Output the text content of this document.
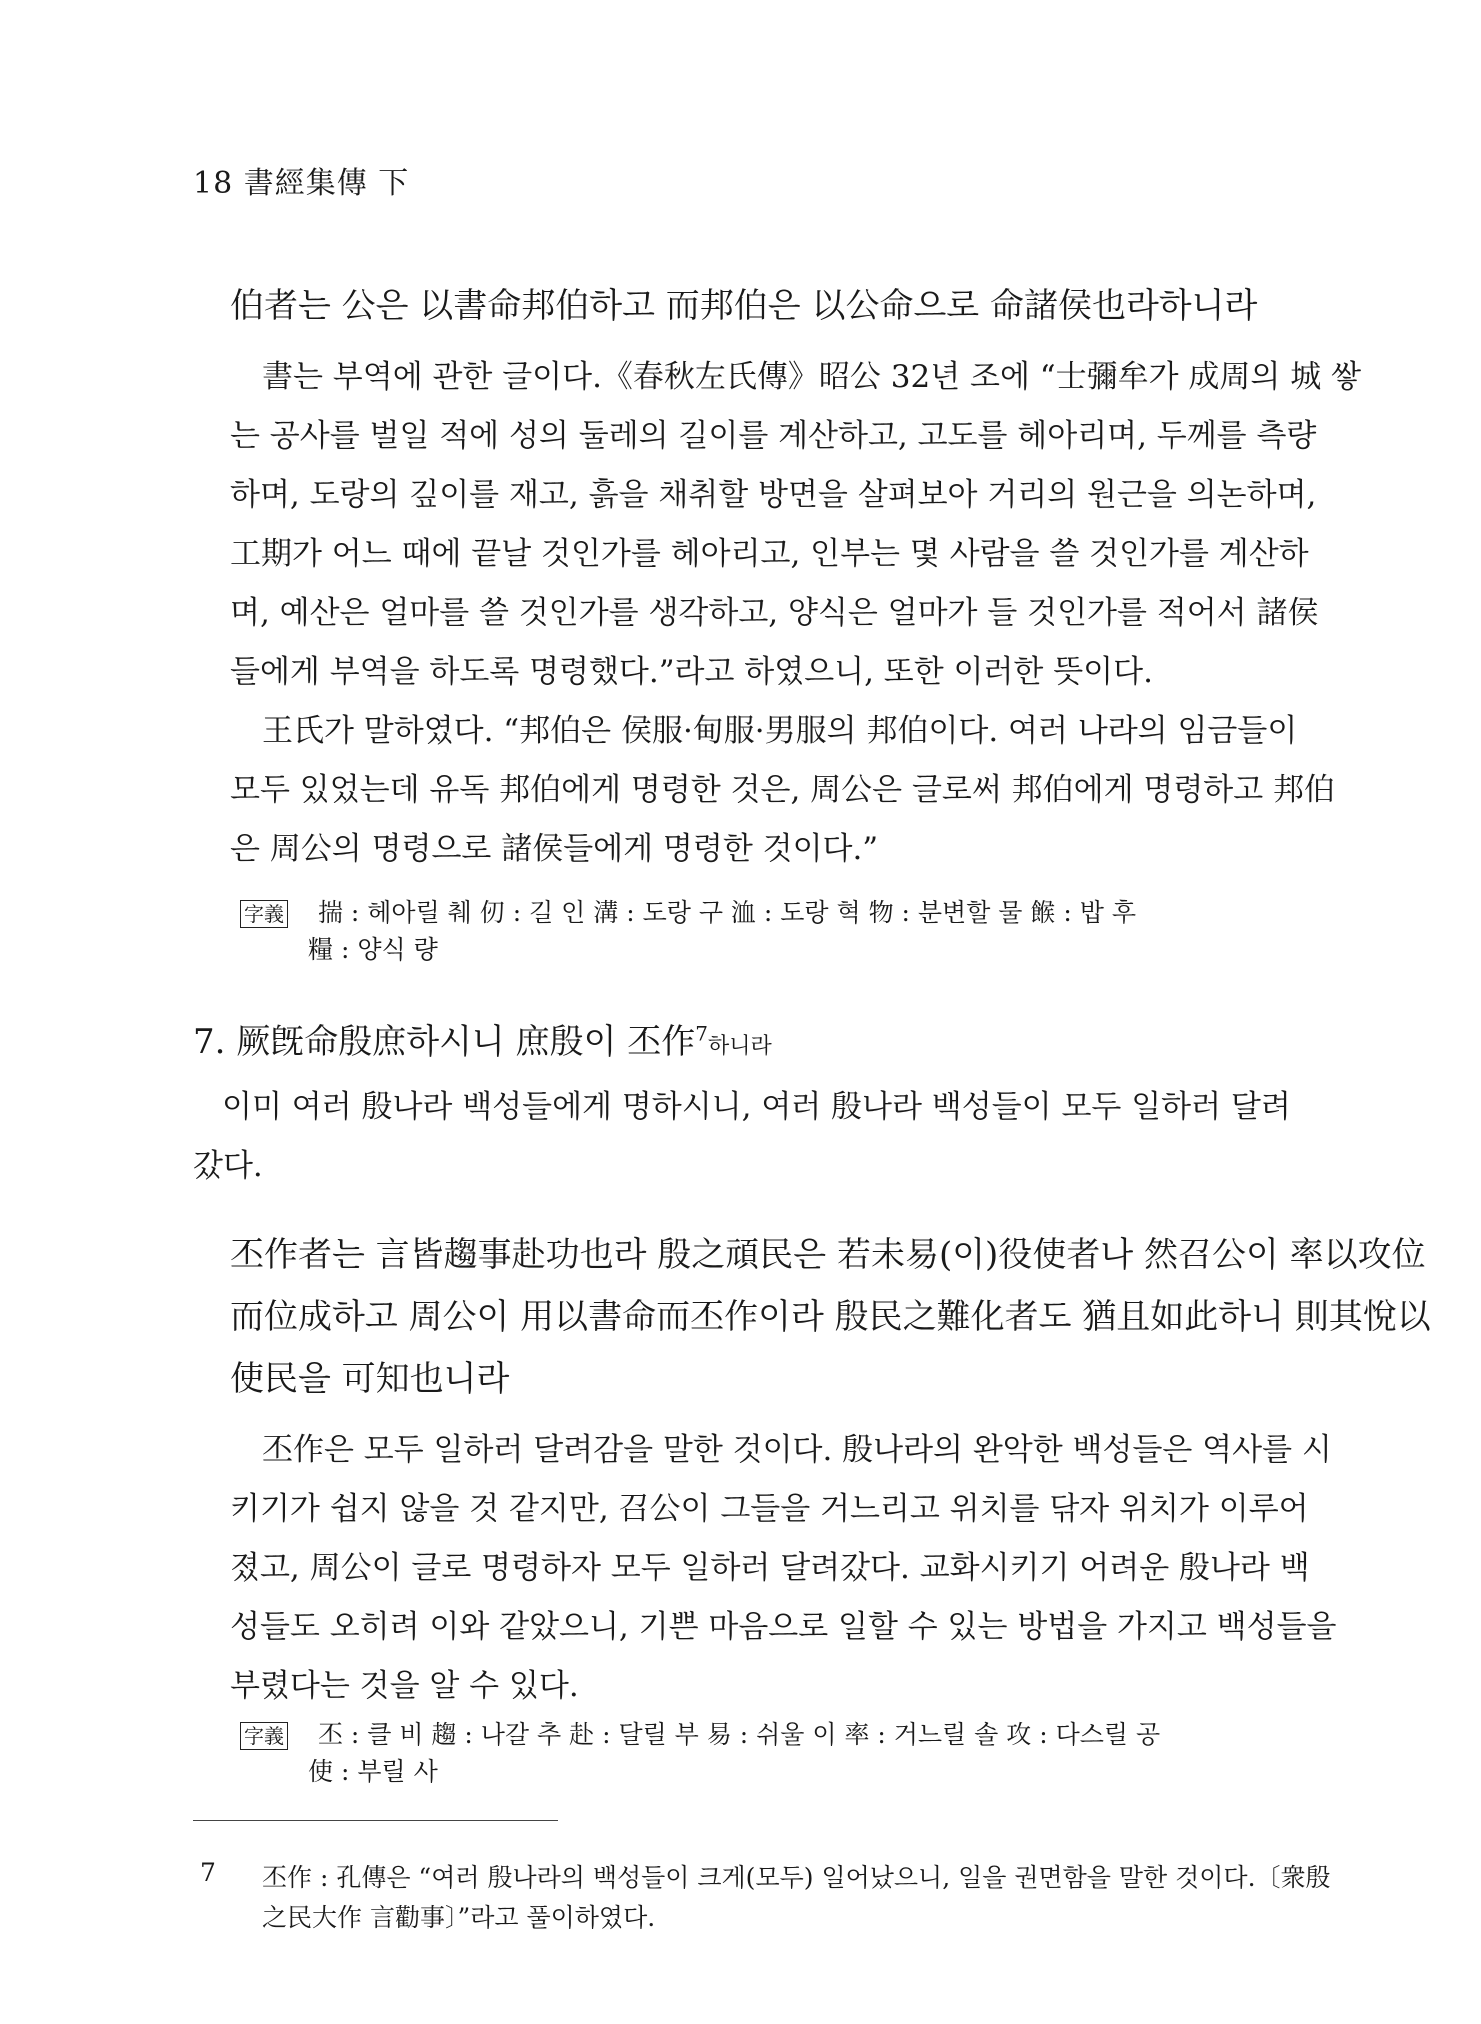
18 書經集傳 下
伯者는 公은 以書命邦伯하고 而邦伯은 以公命으로 命諸侯也라하니라
書는 부역에 관한 글이다.《春秋左氏傳》昭公 32년 조에 “士彌牟가 成周의 城 쌓
는 공사를 벌일 적에 성의 둘레의 길이를 계산하고, 고도를 헤아리며, 두께를 측량
하며, 도랑의 깊이를 재고, 흙을 채취할 방면을 살펴보아 거리의 원근을 의논하며,
工期가 어느 때에 끝날 것인가를 헤아리고, 인부는 몇 사람을 쓸 것인가를 계산하
며, 예산은 얼마를 쓸 것인가를 생각하고, 양식은 얼마가 들 것인가를 적어서 諸侯
들에게 부역을 하도록 명령했다.”라고 하였으니, 또한 이러한 뜻이다.
王氏가 말하였다. “邦伯은 侯服·甸服·男服의 邦伯이다. 여러 나라의 임금들이
모두 있었는데 유독 邦伯에게 명령한 것은, 周公은 글로써 邦伯에게 명령하고 邦伯
은 周公의 명령으로 諸侯들에게 명령한 것이다.”
字義 揣 : 헤아릴 췌 仞 : 길 인 溝 : 도랑 구 洫 : 도랑 혁 物 : 분변할 물 餱 : 밥 후
糧 : 양식 량
7. 厥旣命殷庶하시니 庶殷이 丕作$^7$하니라
이미 여러 殷나라 백성들에게 명하시니, 여러 殷나라 백성들이 모두 일하러 달려
갔다.
丕作者는 言皆趨事赴功也라 殷之頑民은 若未易(이)役使者나 然召公이 率以攻位
而位成하고 周公이 用以書命而丕作이라 殷民之難化者도 猶且如此하니 則其悅以
使民을 可知也니라
丕作은 모두 일하러 달려감을 말한 것이다. 殷나라의 완악한 백성들은 역사를 시
키기가 쉽지 않을 것 같지만, 召公이 그들을 거느리고 위치를 닦자 위치가 이루어
졌고, 周公이 글로 명령하자 모두 일하러 달려갔다. 교화시키기 어려운 殷나라 백
성들도 오히려 이와 같았으니, 기쁜 마음으로 일할 수 있는 방법을 가지고 백성들을
부렸다는 것을 알 수 있다.
字義 丕 : 클 비 趨 : 나갈 추 赴 : 달릴 부 易 : 쉬울 이 率 : 거느릴 솔 攻 : 다스릴 공
使 : 부릴 사
7 丕作 : 孔傳은 “여러 殷나라의 백성들이 크게(모두) 일어났으니, 일을 권면함을 말한 것이다.〔衆殷
之民大作 言勸事〕”라고 풀이하였다.
